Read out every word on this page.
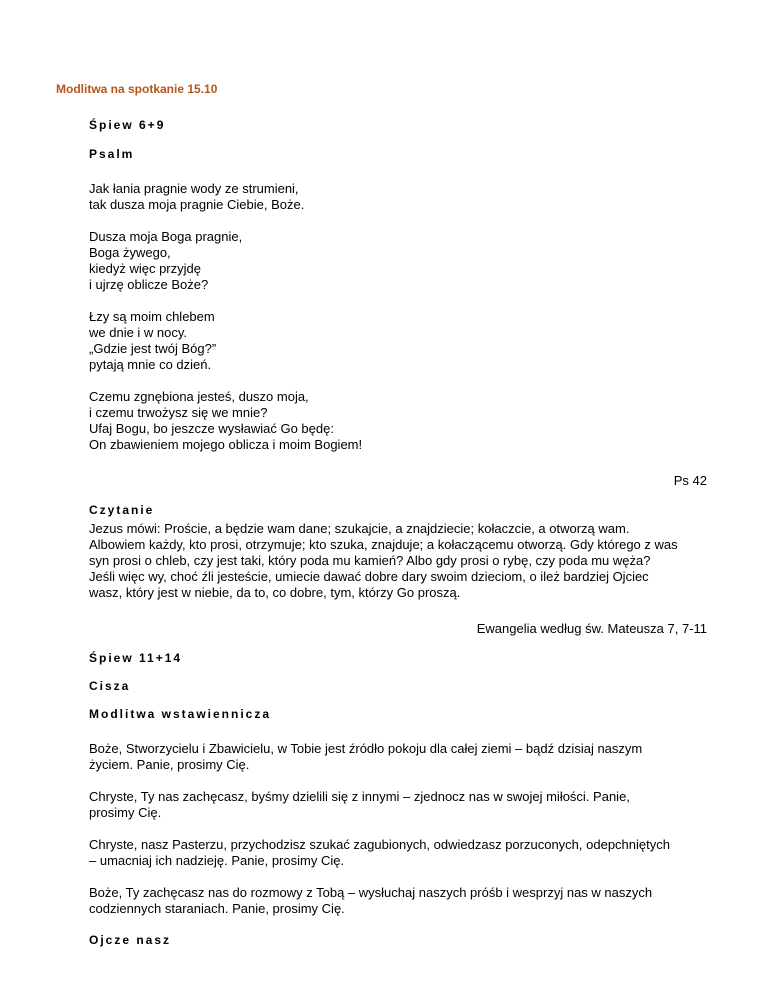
Modlitwa na spotkanie 15.10
Śpiew 6+9
Psalm
Jak łania pragnie wody ze strumieni,
tak dusza moja pragnie Ciebie, Boże.
Dusza moja Boga pragnie,
Boga żywego,
kiedyż więc przyjdę
i ujrzę oblicze Boże?
Łzy są moim chlebem
we dnie i w nocy.
„Gdzie jest twój Bóg?”
pytają mnie co dzień.
Czemu zgnębiona jesteś, duszo moja,
i czemu trwożysz się we mnie?
Ufaj Bogu, bo jeszcze wysławiać Go będę:
On zbawieniem mojego oblicza i moim Bogiem!
Ps 42
Czytanie
Jezus mówi: Proście, a będzie wam dane; szukajcie, a znajdziecie; kołaczcie, a otworzą wam.
Albowiem każdy, kto prosi, otrzymuje; kto szuka, znajduje; a kołaczącemu otworzą. Gdy którego z was
syn prosi o chleb, czy jest taki, który poda mu kamień? Albo gdy prosi o rybę, czy poda mu węża?
Jeśli więc wy, choć źli jesteście, umiecie dawać dobre dary swoim dzieciom, o ileż bardziej Ojciec
wasz, który jest w niebie, da to, co dobre, tym, którzy Go proszą.
Ewangelia według św. Mateusza 7, 7-11
Śpiew 11+14
Cisza
Modlitwa wstawiennicza
Boże, Stworzycielu i Zbawicielu, w Tobie jest źródło pokoju dla całej ziemi – bądź dzisiaj naszym
życiem. Panie, prosimy Cię.
Chryste, Ty nas zachęcasz, byśmy dzielili się z innymi – zjednocz nas w swojej miłości. Panie,
prosimy Cię.
Chryste, nasz Pasterzu, przychodzisz szukać zagubionych, odwiedzasz porzuconych, odepchniętych
– umacniaj ich nadzieję. Panie, prosimy Cię.
Boże, Ty zachęcasz nas do rozmowy z Tobą – wysłuchaj naszych próśb i wesprzyj nas w naszych
codziennych staraniach. Panie, prosimy Cię.
Ojcze nasz
